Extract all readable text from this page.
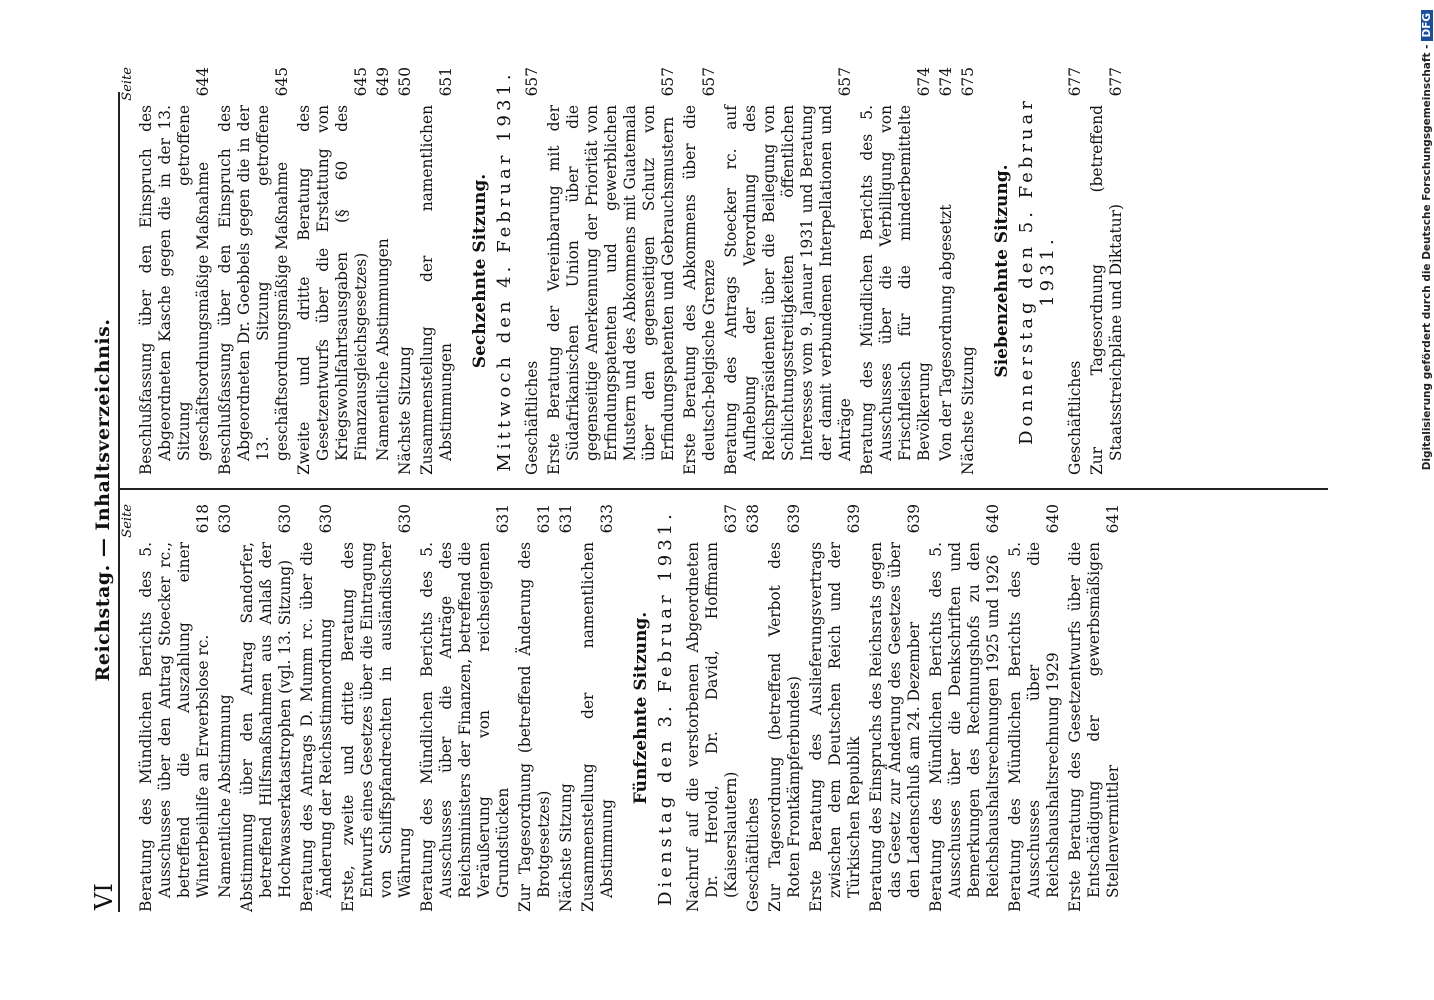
VI
Reichstag. — Inhaltsverzeichnis. Seite
Beratung des Mündlichen Berichts des 5. Ausschusses über den Antrag Stoecker rc., betreffend die Auszahlung einer Winterbeihilfe an Erwerbslose rc.
618
Namentliche Abstimmung
630
Abstimmung über den Antrag Sandorfer, betreffend Hilfsmaßnahmen aus Anlaß der Hochwasserkatastrophen (vgl. 13. Sitzung)
630
Beratung des Antrags D. Mumm rc. über die Änderung der Reichsstimmordnung
630
Erste, zweite und dritte Beratung des Entwurfs eines Gesetzes über die Eintragung von Schiffspfandrechten in ausländischer Währung
630
Beratung des Mündlichen Berichts des 5. Ausschusses über die Anträge des Reichsministers der Finanzen, betreffend die Veräußerung von reichseigenen Grundstücken
631
Zur Tagesordnung (betreffend Änderung des Brotgesetzes)
631
Nächste Sitzung
631
Zusammenstellung der namentlichen Abstimmung
633
Fünfzehnte Sitzung. Dienstag den 3. Februar 1931. Nachruf auf die verstorbenen Abgeordneten Dr. Herold, Dr. David, Hoffmann (Kaiserslautern)
637
Geschäftliches
638
Zur Tagesordnung (betreffend Verbot des Roten Frontkämpferbundes)
639
Erste Beratung des Auslieferungsvertrags zwischen dem Deutschen Reich und der Türkischen Republik
639
Beratung des Einspruchs des Reichsrats gegen das Gesetz zur Änderung des Gesetzes über den Ladenschluß am 24. Dezember
639
Beratung des Mündlichen Berichts des 5. Ausschusses über die Denkschriften und Bemerkungen des Rechnungshofs zu den Reichshaushaltsrechnungen 1925 und 1926
640
Beratung des Mündlichen Berichts des 5. Ausschusses über die Reichshaushaltsrechnung 1929
640
Erste Beratung des Gesetzentwurfs über die Entschädigung der gewerbsmäßigen Stellenvermittler
641
Seite
Beschlußfassung über den Einspruch des Abgeordneten Kasche gegen die in der 13. Sitzung getroffene geschäftsordnungsmäßige Maßnahme
644
Beschlußfassung über den Einspruch des Abgeordneten Dr. Goebbels gegen die in der 13. Sitzung getroffene geschäftsordnungsmäßige Maßnahme
645
Zweite und dritte Beratung des Gesetzentwurfs über die Erstattung von Kriegswohlfahrtsausgaben (§ 60 des Finanzausgleichsgesetzes)
645
Namentliche Abstimmungen
649
Nächste Sitzung
650
Zusammenstellung der namentlichen Abstimmungen
651
Sechzehnte Sitzung. Mittwoch den 4. Februar 1931. Geschäftliches
657
Erste Beratung der Vereinbarung mit der Südafrikanischen Union über die gegenseitige Anerkennung der Priorität von Erfindungspatenten und gewerblichen Mustern und des Abkommens mit Guatemala über den gegenseitigen Schutz von Erfindungspatenten und Gebrauchsmustern
657
Erste Beratung des Abkommens über die deutsch-belgische Grenze
657
Beratung des Antrags Stoecker rc. auf Aufhebung der Verordnung des Reichspräsidenten über die Beilegung von Schlichtungsstreitigkeiten öffentlichen Interesses vom 9. Januar 1931 und Beratung der damit verbundenen Interpellationen und Anträge
657
Beratung des Mündlichen Berichts des 5. Ausschusses über die Verbilligung von Frischfleisch für die minderbemittelte Bevölkerung
674
Von der Tagesordnung abgesetzt
674
Nächste Sitzung
675
Siebenzehnte Sitzung. Donnerstag den 5. Februar 1931.
Geschäftliches
677
Zur Tagesordnung (betreffend Staatsstreichpläne und Diktatur)
677	Digitalisierung gefördert durch die Deutsche Forschungsgemeinschaft -DFG
